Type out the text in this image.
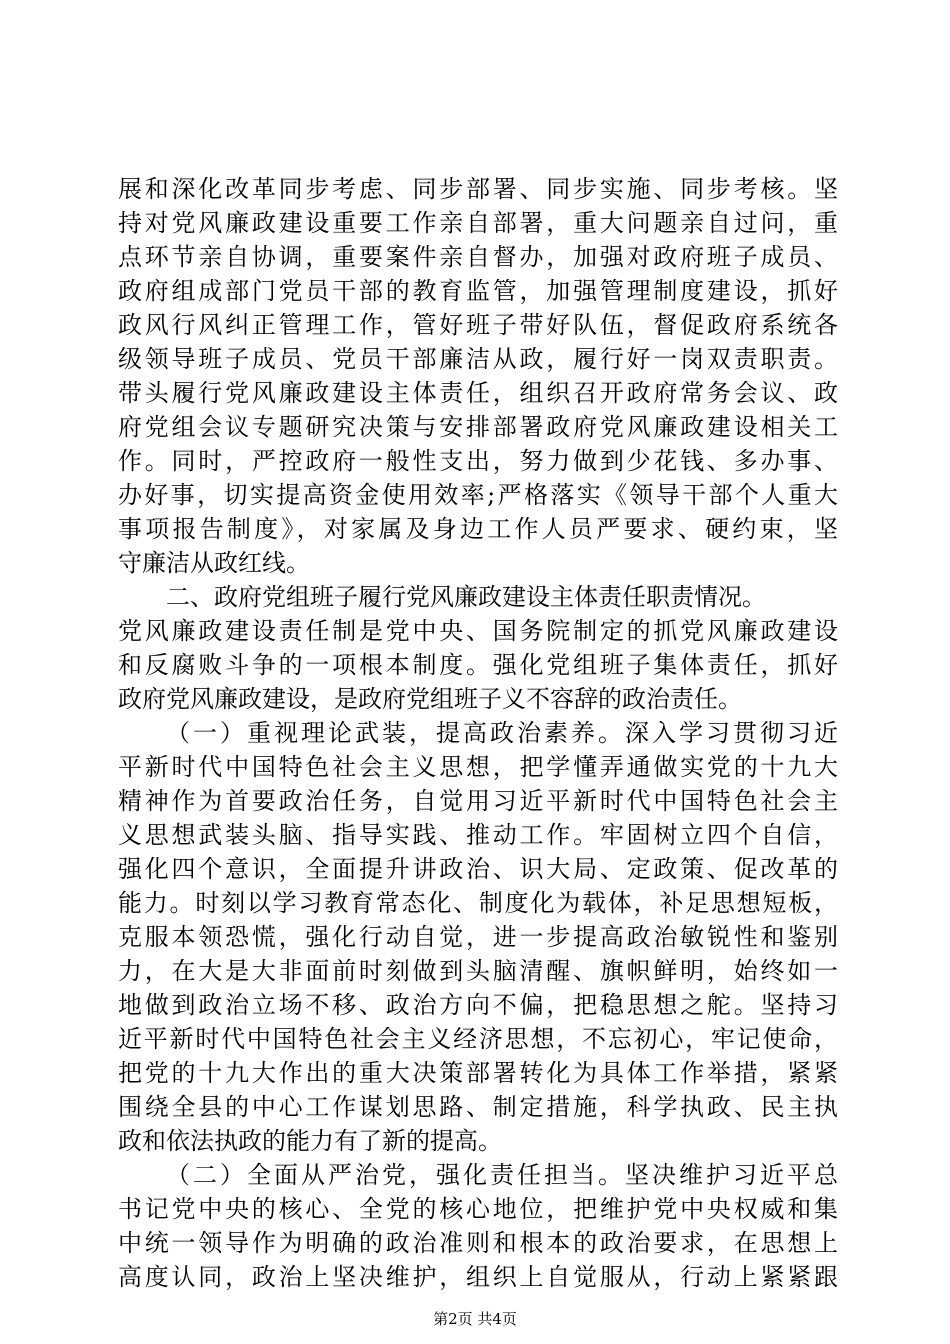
展和深化改革同步考虑、同步部署、同步实施、同步考核。坚
持对党风廉政建设重要工作亲自部署，重大问题亲自过问，重
点环节亲自协调，重要案件亲自督办，加强对政府班子成员、
政府组成部门党员干部的教育监管，加强管理制度建设，抓好
政风行风纠正管理工作，管好班子带好队伍，督促政府系统各
级领导班子成员、党员干部廉洁从政，履行好一岗双责职责。
带头履行党风廉政建设主体责任，组织召开政府常务会议、政
府党组会议专题研究决策与安排部署政府党风廉政建设相关工
作。同时，严控政府一般性支出，努力做到少花钱、多办事、
办好事，切实提高资金使用效率;严格落实《领导干部个人重大
事项报告制度》，对家属及身边工作人员严要求、硬约束，坚
守廉洁从政红线。
二、政府党组班子履行党风廉政建设主体责任职责情况。
党风廉政建设责任制是党中央、国务院制定的抓党风廉政建设
和反腐败斗争的一项根本制度。强化党组班子集体责任，抓好
政府党风廉政建设，是政府党组班子义不容辞的政治责任。
（一）重视理论武装，提高政治素养。深入学习贯彻习近
平新时代中国特色社会主义思想，把学懂弄通做实党的十九大
精神作为首要政治任务，自觉用习近平新时代中国特色社会主
义思想武装头脑、指导实践、推动工作。牢固树立四个自信，
强化四个意识，全面提升讲政治、识大局、定政策、促改革的
能力。时刻以学习教育常态化、制度化为载体，补足思想短板，
克服本领恐慌，强化行动自觉，进一步提高政治敏锐性和鉴别
力，在大是大非面前时刻做到头脑清醒、旗帜鲜明，始终如一
地做到政治立场不移、政治方向不偏，把稳思想之舵。坚持习
近平新时代中国特色社会主义经济思想，不忘初心，牢记使命，
把党的十九大作出的重大决策部署转化为具体工作举措，紧紧
围绕全县的中心工作谋划思路、制定措施，科学执政、民主执
政和依法执政的能力有了新的提高。
（二）全面从严治党，强化责任担当。坚决维护习近平总
书记党中央的核心、全党的核心地位，把维护党中央权威和集
中统一领导作为明确的政治准则和根本的政治要求，在思想上
高度认同，政治上坚决维护，组织上自觉服从，行动上紧紧跟
第2页 共4页
